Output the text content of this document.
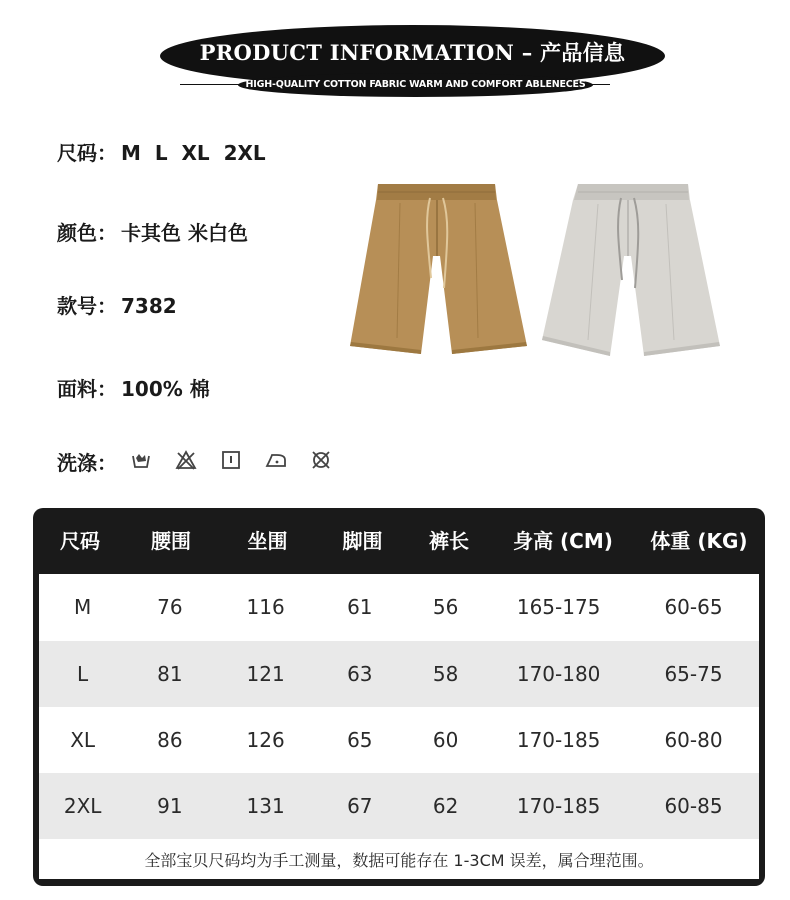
PRODUCT INFORMATION – 产品信息
HIGH-QUALITY COTTON FABRIC WARM AND COMFORT ABLENECES
尺码： M  L  XL  2XL
颜色： 卡其色 米白色
款号： 7382
面料： 100% 棉
洗涤：
尺码	腰围	坐围	脚围	裤长	身高 (CM)	体重 (KG)
M	76	116	61	56	165-175	60-65
L	81	121	63	58	170-180	65-75
XL	86	126	65	60	170-185	60-80
2XL	91	131	67	62	170-185	60-85
全部宝贝尺码均为手工测量，数据可能存在 1-3CM 误差，属合理范围。
